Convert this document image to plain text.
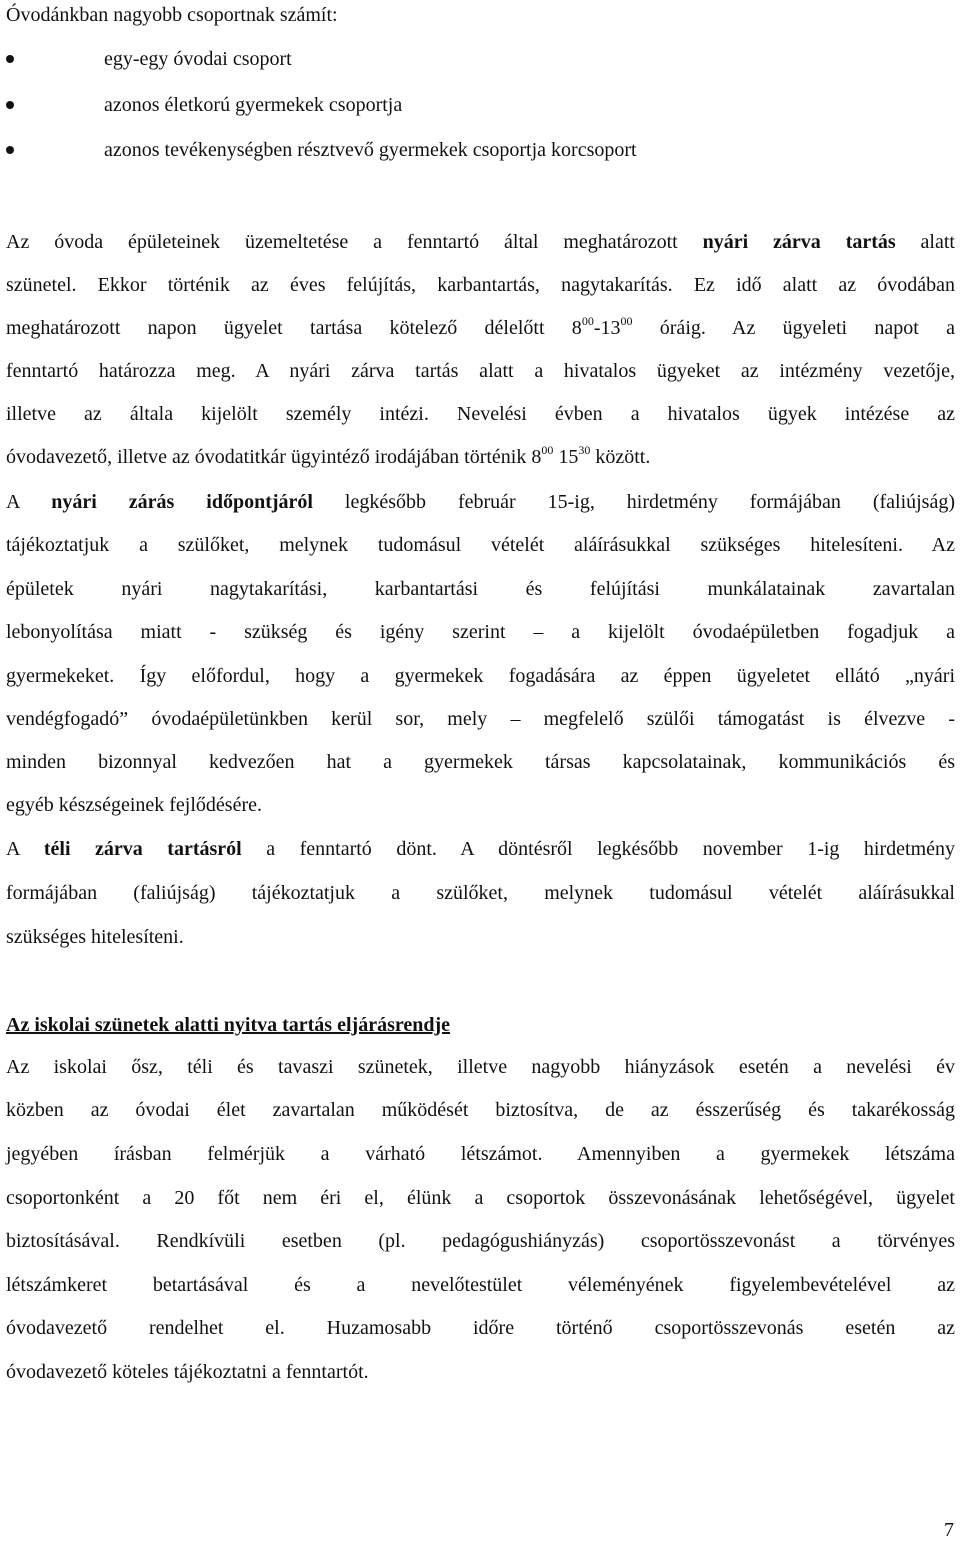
Óvodánkban nagyobb csoportnak számít:
egy-egy óvodai csoport
azonos életkorú gyermekek csoportja
azonos tevékenységben résztvevő gyermekek csoportja korcsoport
Az óvoda épületeinek üzemeltetése a fenntartó által meghatározott nyári zárva tartás alatt
szünetel. Ekkor történik az éves felújítás, karbantartás, nagytakarítás. Ez idő alatt az óvodában
meghatározott napon ügyelet tartása kötelező délelőtt $8^{00}-13^{00}$ óráig. Az ügyeleti napot a
fenntartó határozza meg. A nyári zárva tartás alatt a hivatalos ügyeket az intézmény vezetője,
illetve az általa kijelölt személy intézi. Nevelési évben a hivatalos ügyek intézése az
óvodavezető, illetve az óvodatitkár ügyintéző irodájában történik $8^{00}$ $15^{30}$ között.
A nyári zárás időpontjáról legkésőbb február 15-ig, hirdetmény formájában (faliújság)
tájékoztatjuk a szülőket, melynek tudomásul vételét aláírásukkal szükséges hitelesíteni. Az
épületek nyári nagytakarítási, karbantartási és felújítási munkálatainak zavartalan
lebonyolítása miatt - szükség és igény szerint – a kijelölt óvodaépületben fogadjuk a
gyermekeket. Így előfordul, hogy a gyermekek fogadására az éppen ügyeletet ellátó „nyári
vendégfogadó” óvodaépületünkben kerül sor, mely – megfelelő szülői támogatást is élvezve -
minden bizonnyal kedvezően hat a gyermekek társas kapcsolatainak, kommunikációs és
egyéb készségeinek fejlődésére.
A téli zárva tartásról a fenntartó dönt. A döntésről legkésőbb november 1-ig hirdetmény
formájában (faliújság) tájékoztatjuk a szülőket, melynek tudomásul vételét aláírásukkal
szükséges hitelesíteni.
Az iskolai szünetek alatti nyitva tartás eljárásrendje
Az iskolai ősz, téli és tavaszi szünetek, illetve nagyobb hiányzások esetén a nevelési év
közben az óvodai élet zavartalan működését biztosítva, de az ésszerűség és takarékosság
jegyében írásban felmérjük a várható létszámot. Amennyiben a gyermekek létszáma
csoportonként a 20 főt nem éri el, élünk a csoportok összevonásának lehetőségével, ügyelet
biztosításával. Rendkívüli esetben (pl. pedagógushiányzás) csoportösszevonást a törvényes
létszámkeret betartásával és a nevelőtestület véleményének figyelembevételével az
óvodavezető rendelhet el. Huzamosabb időre történő csoportösszevonás esetén az
óvodavezető köteles tájékoztatni a fenntartót.
7
